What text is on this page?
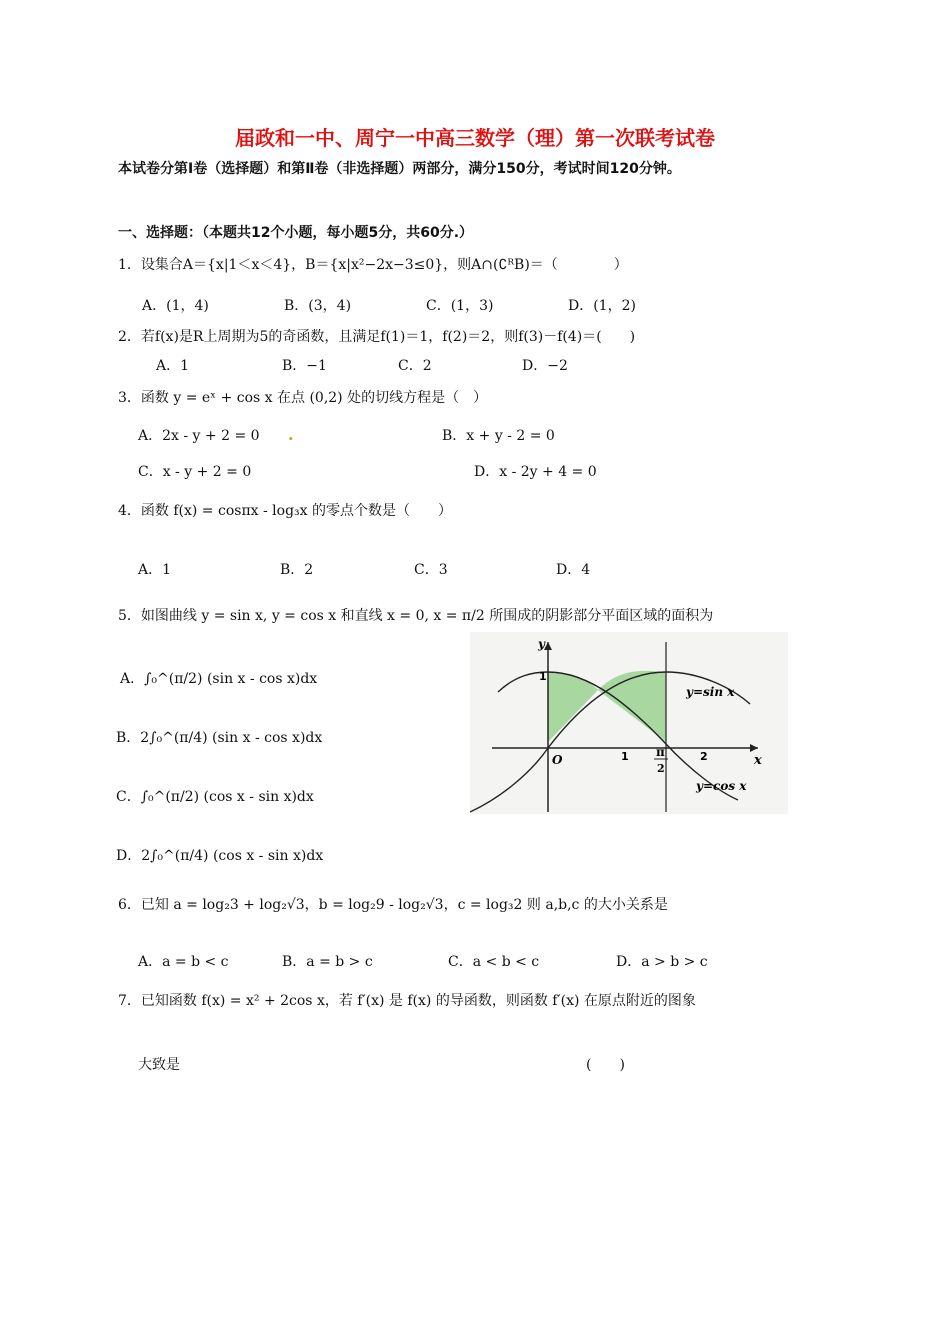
届政和一中、周宁一中高三数学（理）第一次联考试卷
本试卷分第Ⅰ卷（选择题）和第Ⅱ卷（非选择题）两部分，满分150分，考试时间120分钟。
一、选择题：（本题共12个小题，每小题5分，共60分.）
1．设集合A＝{x|1＜x＜4}，B＝{x|x²−2x−3≤0}，则A∩(∁ᴿB)＝（　　　　）
A．(1，4)	B．(3，4)	C．(1，3)	D．(1，2)
2．若f(x)是R上周期为5的奇函数，且满足f(1)＝1，f(2)＝2，则f(3)－f(4)＝(　　)
A．1	B．−1	C．2	D．−2
3．函数 y = eˣ + cos x 在点 (0,2) 处的切线方程是（　）
A．2x - y + 2 = 0 .	B．x + y - 2 = 0
C．x - y + 2 = 0	D．x - 2y + 4 = 0
4．函数 f(x) = cosπx - log₃x 的零点个数是（　　）
A．1	B．2	C．3	D．4
5．如图曲线 y = sin x, y = cos x 和直线 x = 0, x = π/2 所围成的阴影部分平面区域的面积为
A．∫₀^(π/2) (sin x - cos x)dx
B．2∫₀^(π/4) (sin x - cos x)dx
C．∫₀^(π/2) (cos x - sin x)dx
D．2∫₀^(π/4) (cos x - sin x)dx
y
x
O
1
1	2
π
2
y=sin x
y=cos x
6．已知 a = log₂3 + log₂√3，b = log₂9 - log₂√3，c = log₃2 则 a,b,c 的大小关系是
A．a = b < c	B．a = b > c	C．a < b < c	D．a > b > c
7．已知函数 f(x) = x² + 2cos x，若 f′(x) 是 f(x) 的导函数，则函数 f′(x) 在原点附近的图象
大致是	(　　)
